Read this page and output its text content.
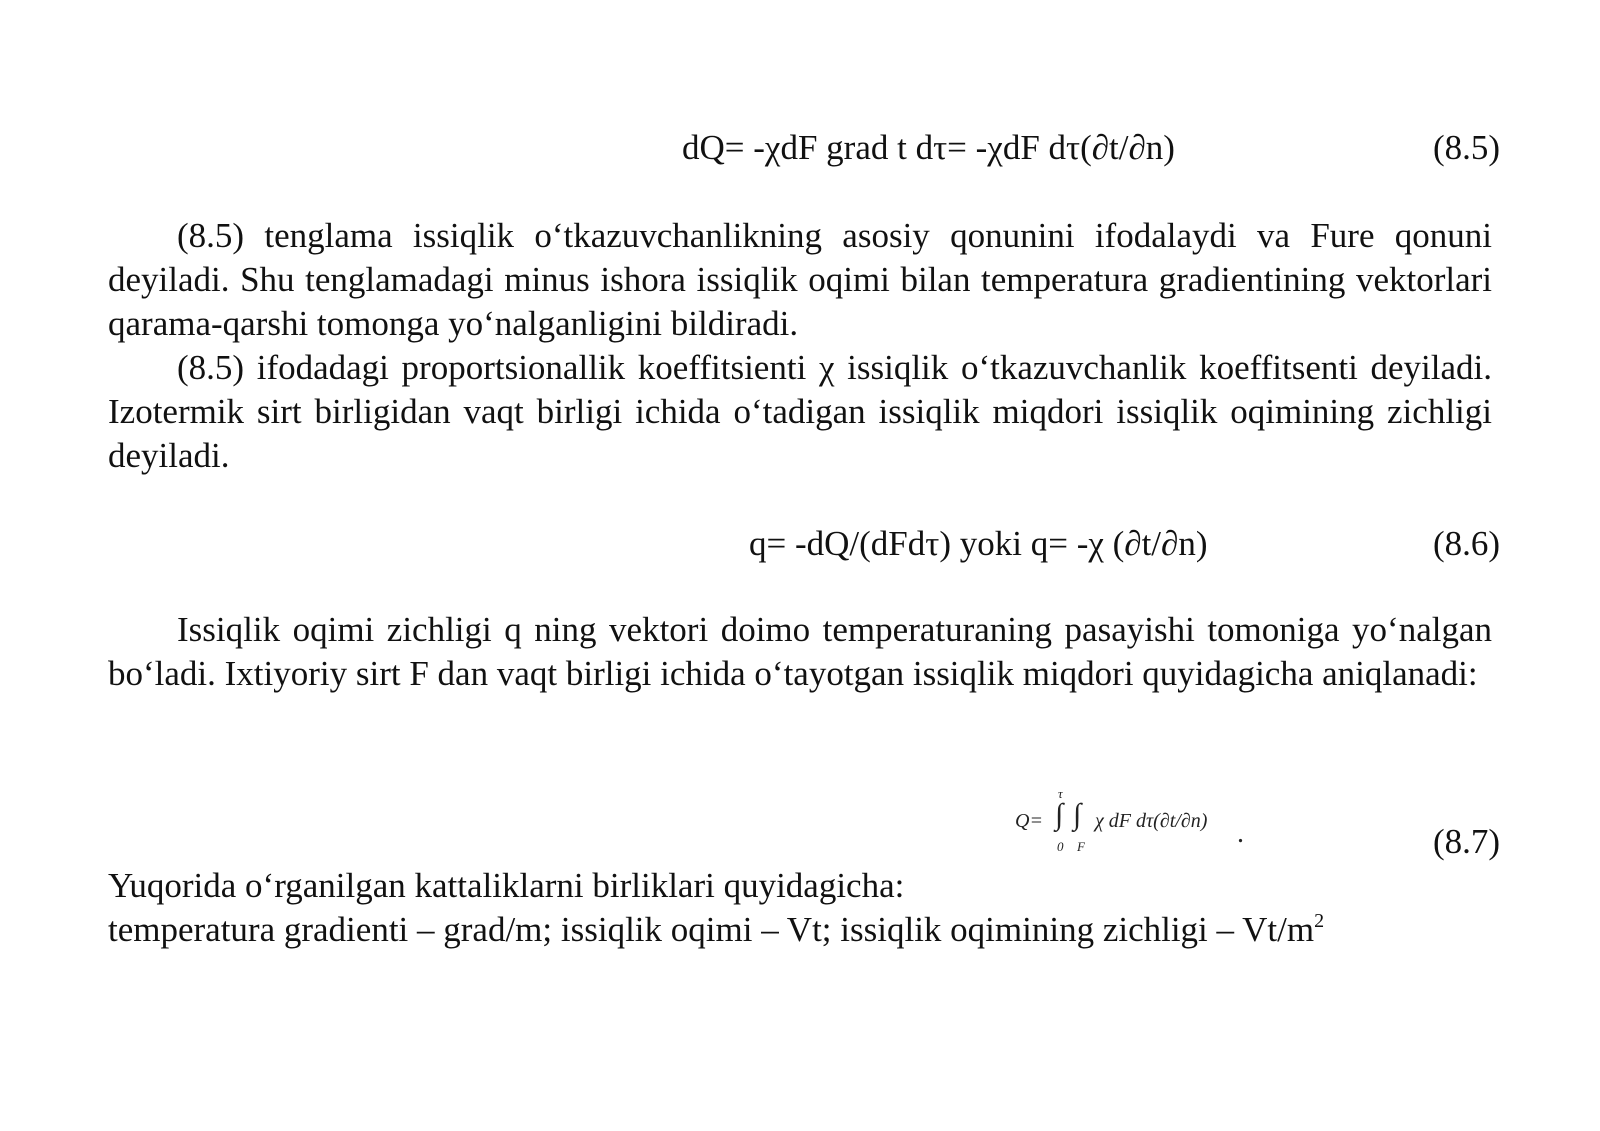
dQ= -χdF grad t dτ= -χdF dτ(∂t/∂n)	(8.5)

(8.5) tenglama issiqlik o‘tkazuvchanlikning asosiy qonunini ifodalaydi va Fure qonuni deyiladi. Shu tenglamadagi minus ishora issiqlik oqimi bilan temperatura gradientining vektorlari qarama-qarshi tomonga yo‘nalganligini bildiradi.

(8.5) ifodadagi proportsionallik koeffitsienti χ issiqlik o‘tkazuvchanlik koeffitsenti deyiladi. Izotermik sirt birligidan vaqt birligi ichida o‘tadigan issiqlik miqdori issiqlik oqimining zichligi deyiladi.

q= -dQ/(dFdτ) yoki q= -χ (∂t/∂n)	(8.6)

Issiqlik oqimi zichligi q ning vektori doimo temperaturaning pasayishi tomoniga yo‘nalgan bo‘ladi. Ixtiyoriy sirt F dan vaqt birligi ichida o‘tayotgan issiqlik miqdori quyidagicha aniqlanadi:

Q=
τ
∫ ∫
0 F
χ dF dτ(∂t/∂n) .	(8.7)

Yuqorida o‘rganilgan kattaliklarni birliklari quyidagicha:

temperatura gradienti – grad/m; issiqlik oqimi – Vt; issiqlik oqimining zichligi – $Vt/m^2$
